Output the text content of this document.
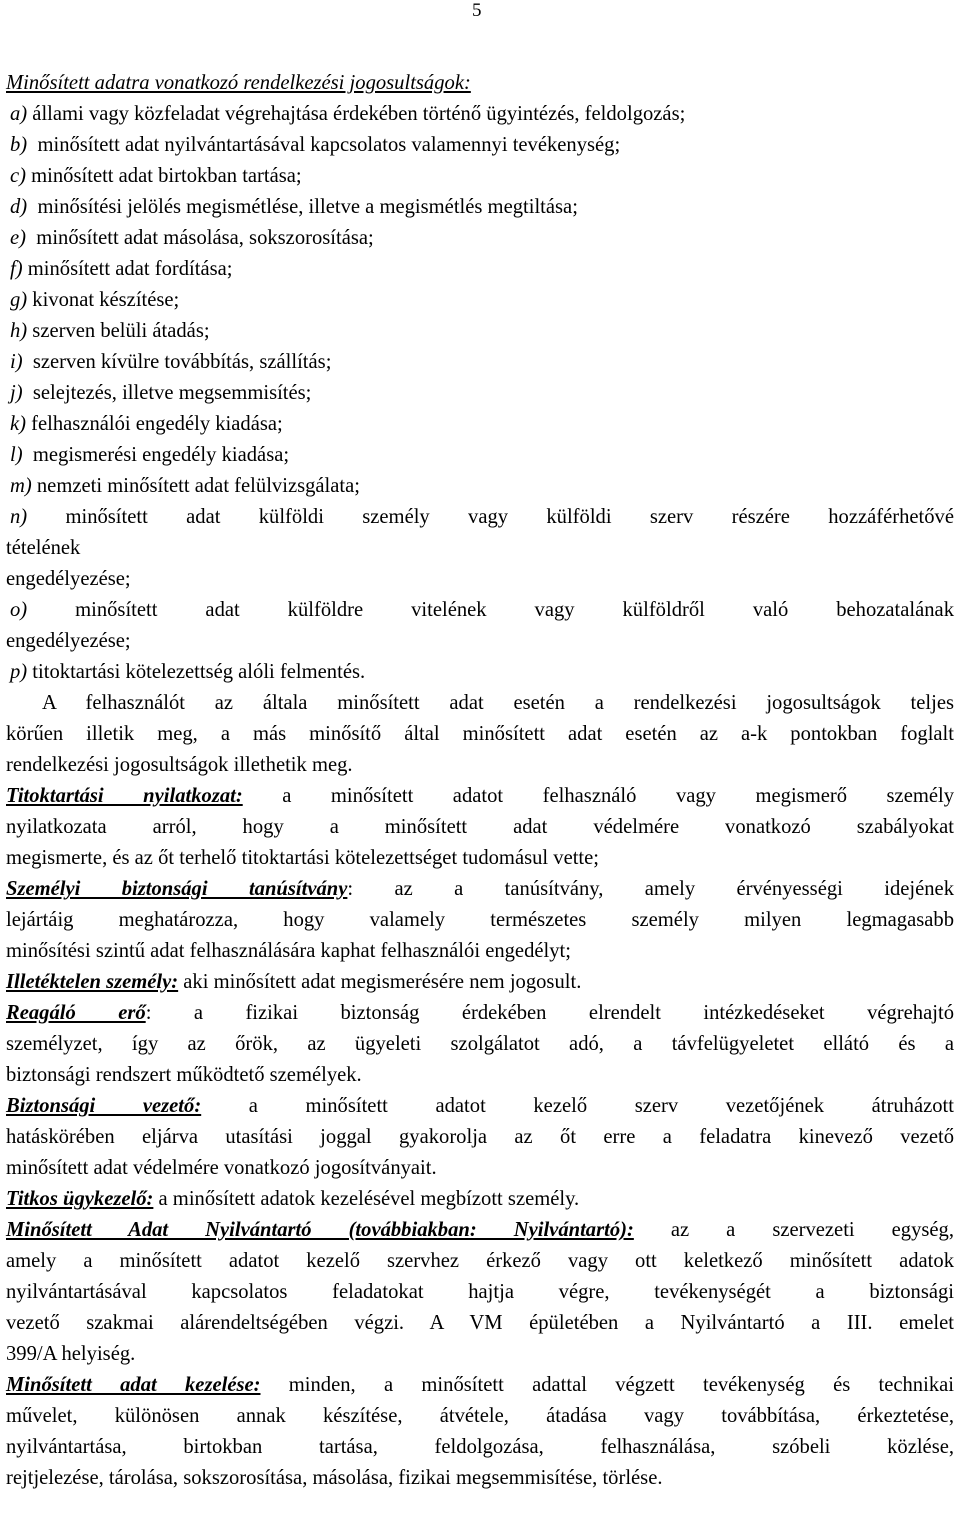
5
Minősített adatra vonatkozó rendelkezési jogosultságok:
a) állami vagy közfeladat végrehajtása érdekében történő ügyintézés, feldolgozás;
b)  minősített adat nyilvántartásával kapcsolatos valamennyi tevékenység;
c) minősített adat birtokban tartása;
d)  minősítési jelölés megismétlése, illetve a megismétlés megtiltása;
e)  minősített adat másolása, sokszorosítása;
f) minősített adat fordítása;
g) kivonat készítése;
h) szerven belüli átadás;
i)  szerven kívülre továbbítás, szállítás;
j)  selejtezés, illetve megsemmisítés;
k) felhasználói engedély kiadása;
l)  megismerési engedély kiadása;
m) nemzeti minősített adat felülvizsgálata;
n) minősített adat külföldi személy vagy külföldi szerv részére hozzáférhetővé
tételének
engedélyezése;
o) minősített adat külföldre vitelének vagy külföldről való behozatalának
engedélyezése;
p) titoktartási kötelezettség alóli felmentés.
A felhasználót az általa minősített adat esetén a rendelkezési jogosultságok teljes
körűen illetik meg, a más minősítő által minősített adat esetén az a-k pontokban foglalt
rendelkezési jogosultságok illethetik meg.
Titoktartási nyilatkozat: a minősített adatot felhasználó vagy megismerő személy
nyilatkozata arról, hogy a minősített adat védelmére vonatkozó szabályokat
megismerte, és az őt terhelő titoktartási kötelezettséget tudomásul vette;
Személyi biztonsági tanúsítvány: az a tanúsítvány, amely érvényességi idejének
lejártáig meghatározza, hogy valamely természetes személy milyen legmagasabb
minősítési szintű adat felhasználására kaphat felhasználói engedélyt;
Illetéktelen személy: aki minősített adat megismerésére nem jogosult.
Reagáló erő: a fizikai biztonság érdekében elrendelt intézkedéseket végrehajtó
személyzet, így az őrök, az ügyeleti szolgálatot adó, a távfelügyeletet ellátó és a
biztonsági rendszert működtető személyek.
Biztonsági vezető: a minősített adatot kezelő szerv vezetőjének átruházott
hatáskörében eljárva utasítási joggal gyakorolja az őt erre a feladatra kinevező vezető
minősített adat védelmére vonatkozó jogosítványait.
Titkos ügykezelő: a minősített adatok kezelésével megbízott személy.
Minősített Adat Nyilvántartó (továbbiakban: Nyilvántartó): az a szervezeti egység,
amely a minősített adatot kezelő szervhez érkező vagy ott keletkező minősített adatok
nyilvántartásával kapcsolatos feladatokat hajtja végre, tevékenységét a biztonsági
vezető szakmai alárendeltségében végzi. A VM épületében a Nyilvántartó a III. emelet
399/A helyiség.
Minősített adat kezelése: minden, a minősített adattal végzett tevékenység és technikai
művelet, különösen annak készítése, átvétele, átadása vagy továbbítása, érkeztetése,
nyilvántartása, birtokban tartása, feldolgozása, felhasználása, szóbeli közlése,
rejtjelezése, tárolása, sokszorosítása, másolása, fizikai megsemmisítése, törlése.
